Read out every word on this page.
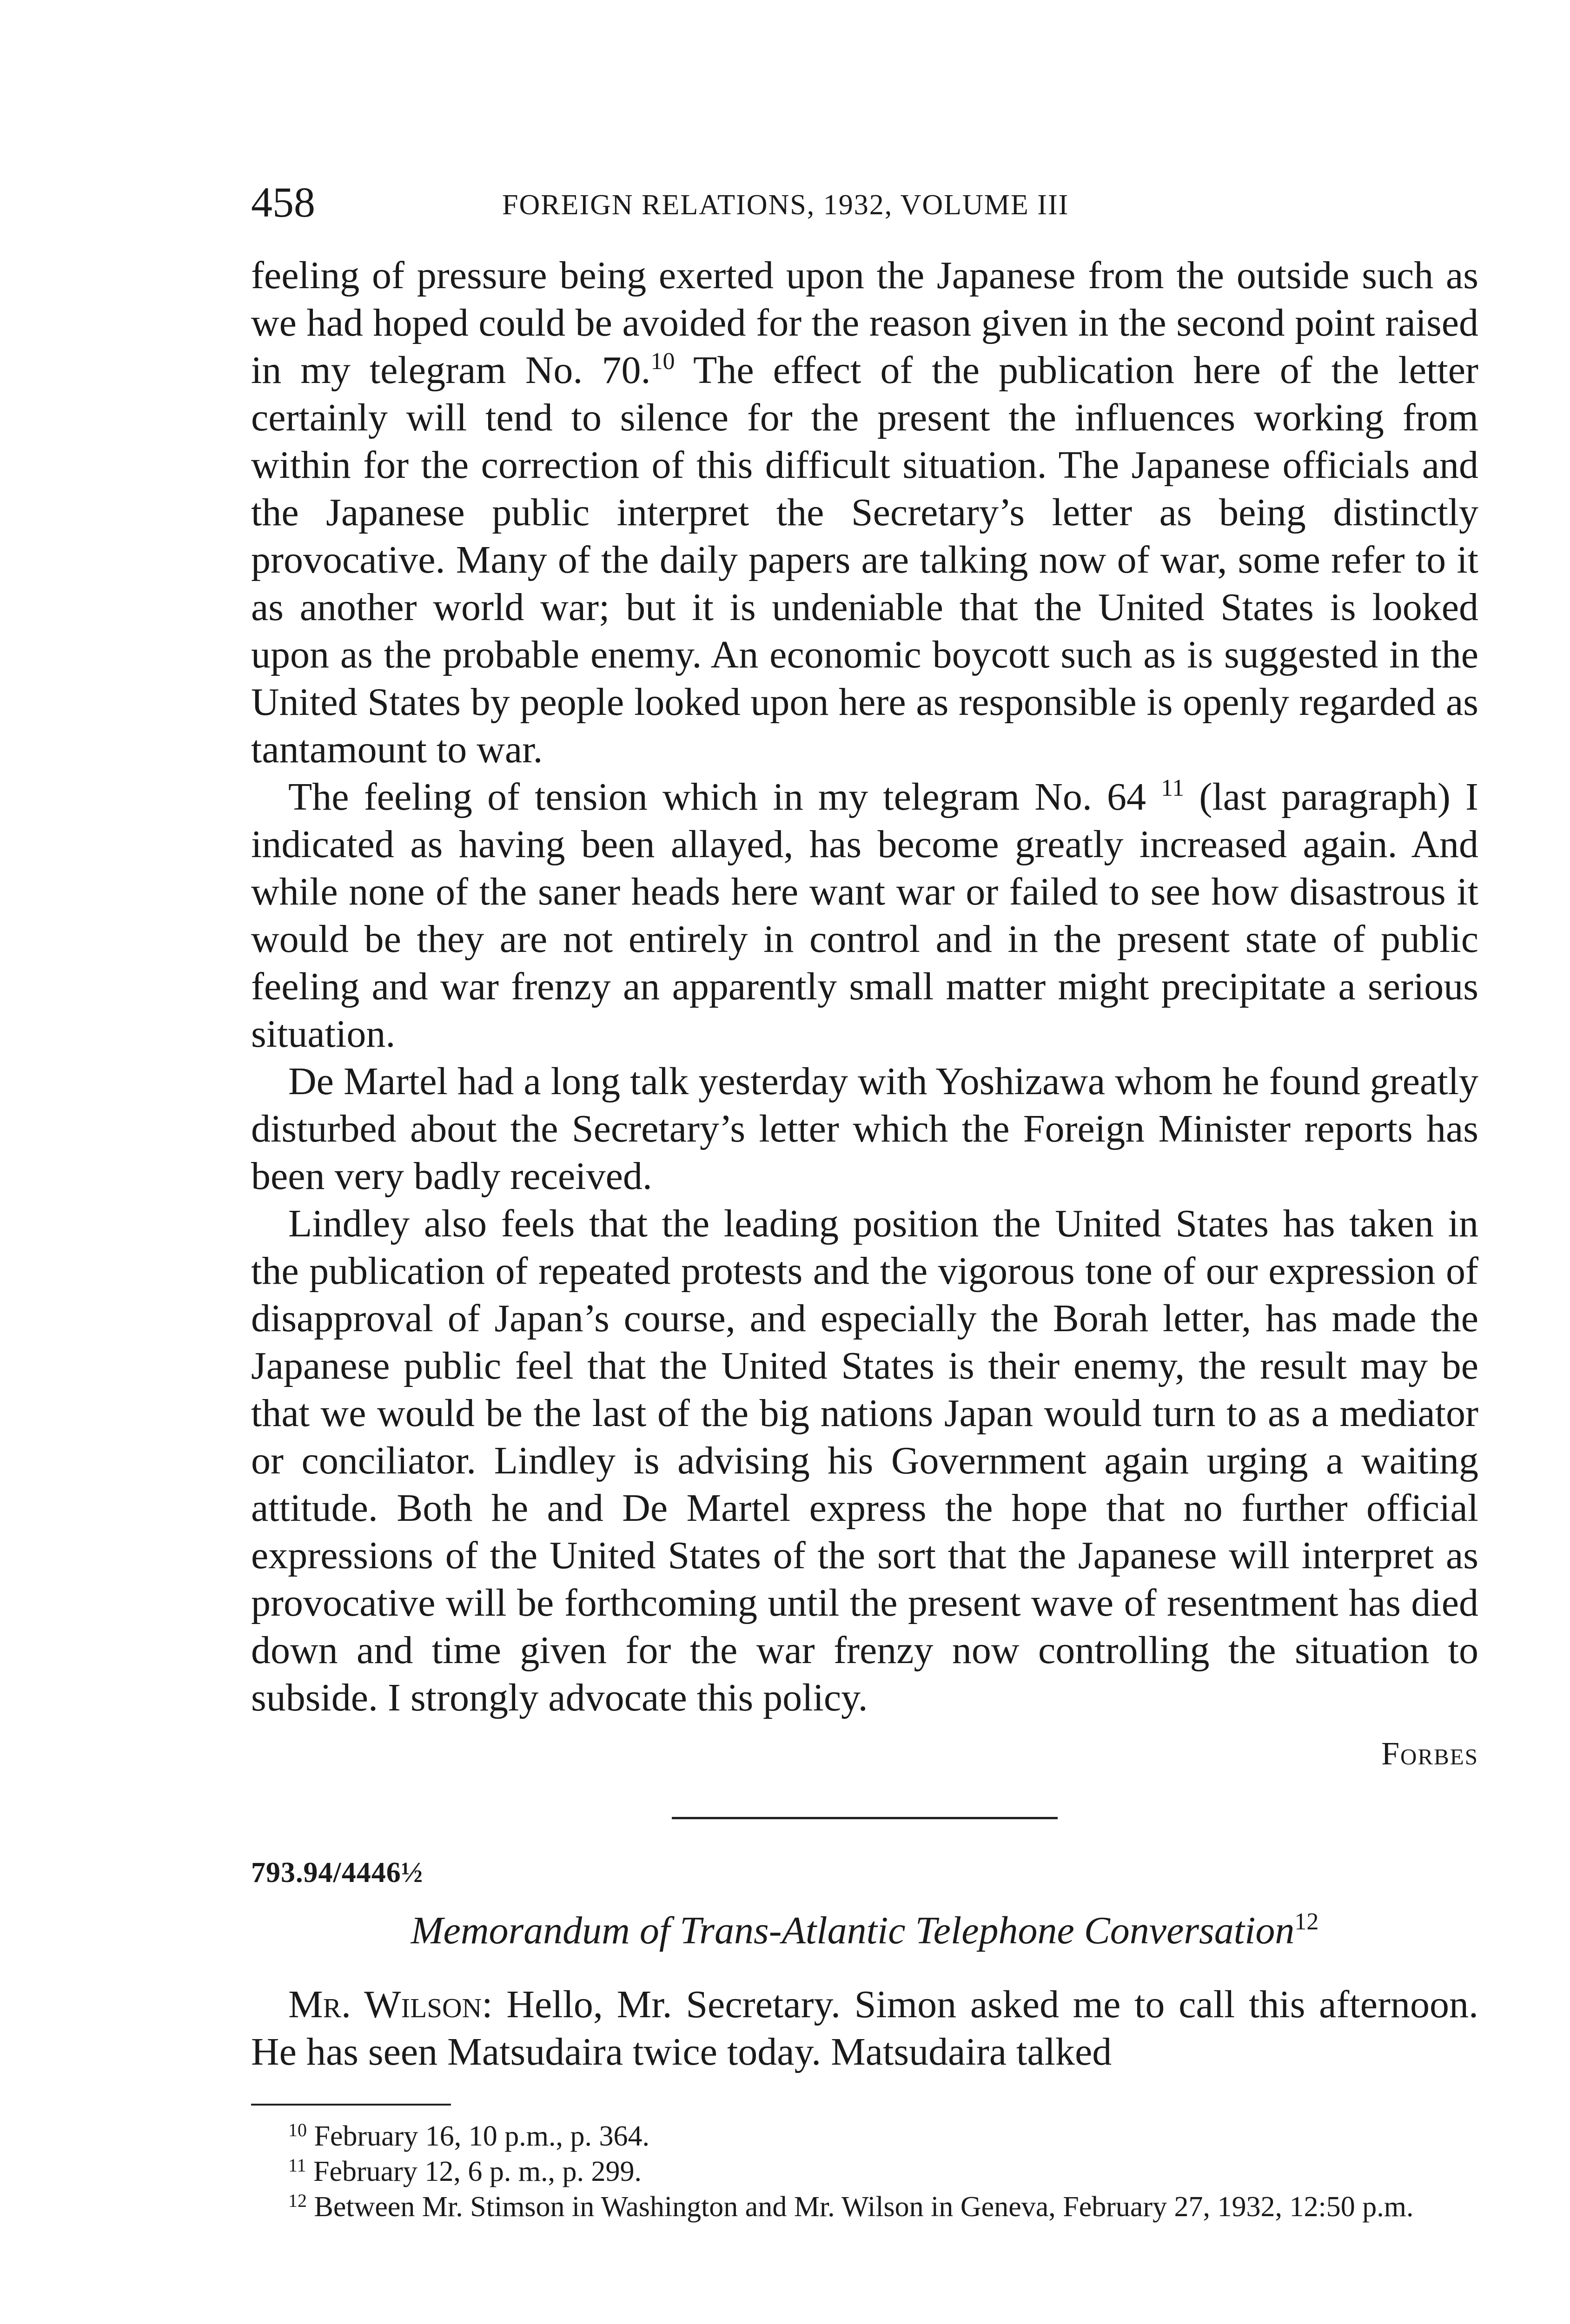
458	FOREIGN RELATIONS, 1932, VOLUME III

feeling of pressure being exerted upon the Japanese from the outside such as we had hoped could be avoided for the reason given in the second point raised in my telegram No. 70.10 The effect of the publication here of the letter certainly will tend to silence for the present the influences working from within for the correction of this difficult situation. The Japanese officials and the Japanese public interpret the Secretary’s letter as being distinctly provocative. Many of the daily papers are talking now of war, some refer to it as another world war; but it is undeniable that the United States is looked upon as the probable enemy. An economic boycott such as is suggested in the United States by people looked upon here as responsible is openly regarded as tantamount to war.

The feeling of tension which in my telegram No. 64 $^{11}$ (last paragraph) I indicated as having been allayed, has become greatly increased again. And while none of the saner heads here want war or failed to see how disastrous it would be they are not entirely in control and in the present state of public feeling and war frenzy an apparently small matter might precipitate a serious situation.

De Martel had a long talk yesterday with Yoshizawa whom he found greatly disturbed about the Secretary’s letter which the Foreign Minister reports has been very badly received.

Lindley also feels that the leading position the United States has taken in the publication of repeated protests and the vigorous tone of our expression of disapproval of Japan’s course, and especially the Borah letter, has made the Japanese public feel that the United States is their enemy, the result may be that we would be the last of the big nations Japan would turn to as a mediator or conciliator. Lindley is advising his Government again urging a waiting attitude. Both he and De Martel express the hope that no further official expressions of the United States of the sort that the Japanese will interpret as provocative will be forthcoming until the present wave of resentment has died down and time given for the war frenzy now controlling the situation to subside. I strongly advocate this policy.

Forbes
793.94/4446½
Memorandum of Trans-Atlantic Telephone Conversation$^{12}$

Mr. Wilson: Hello, Mr. Secretary. Simon asked me to call this afternoon. He has seen Matsudaira twice today. Matsudaira talked

$^{10}$ February 16, 10 p.m., p. 364.
$^{11}$ February 12, 6 p. m., p. 299.
$^{12}$ Between Mr. Stimson in Washington and Mr. Wilson in Geneva, February 27, 1932, 12:50 p.m.
